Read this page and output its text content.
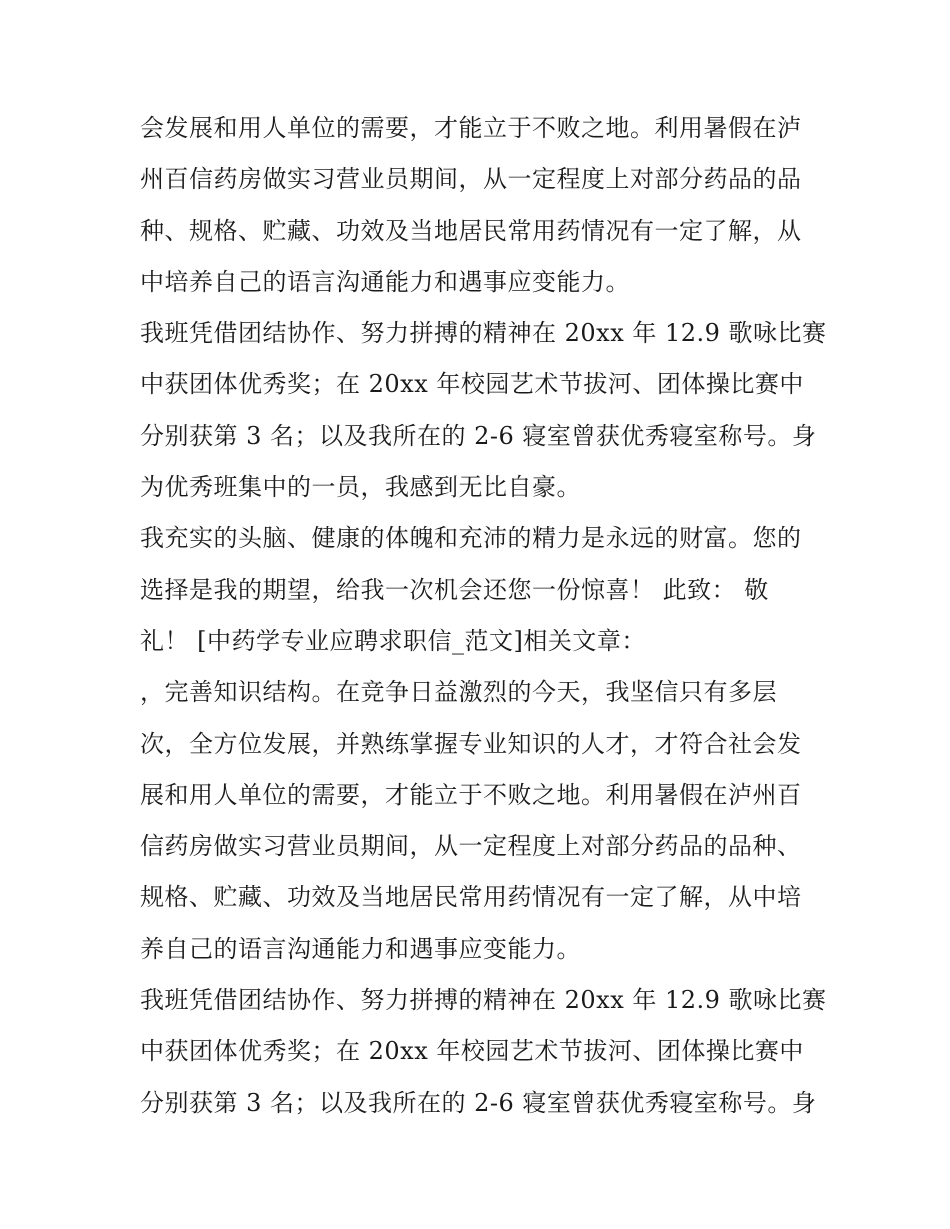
会发展和用人单位的需要，才能立于不败之地。利用暑假在泸
州百信药房做实习营业员期间，从一定程度上对部分药品的品
种、规格、贮藏、功效及当地居民常用药情况有一定了解，从
中培养自己的语言沟通能力和遇事应变能力。
我班凭借团结协作、努力拼搏的精神在 20xx 年 12.9 歌咏比赛
中获团体优秀奖；在 20xx 年校园艺术节拔河、团体操比赛中
分别获第 3 名；以及我所在的 2-6 寝室曾获优秀寝室称号。身
为优秀班集中的一员，我感到无比自豪。
我充实的头脑、健康的体魄和充沛的精力是永远的财富。您的
选择是我的期望，给我一次机会还您一份惊喜！ 此致： 敬
礼！ [中药学专业应聘求职信_范文]相关文章：
，完善知识结构。在竞争日益激烈的今天，我坚信只有多层
次，全方位发展，并熟练掌握专业知识的人才，才符合社会发
展和用人单位的需要，才能立于不败之地。利用暑假在泸州百
信药房做实习营业员期间，从一定程度上对部分药品的品种、
规格、贮藏、功效及当地居民常用药情况有一定了解，从中培
养自己的语言沟通能力和遇事应变能力。
我班凭借团结协作、努力拼搏的精神在 20xx 年 12.9 歌咏比赛
中获团体优秀奖；在 20xx 年校园艺术节拔河、团体操比赛中
分别获第 3 名；以及我所在的 2-6 寝室曾获优秀寝室称号。身
